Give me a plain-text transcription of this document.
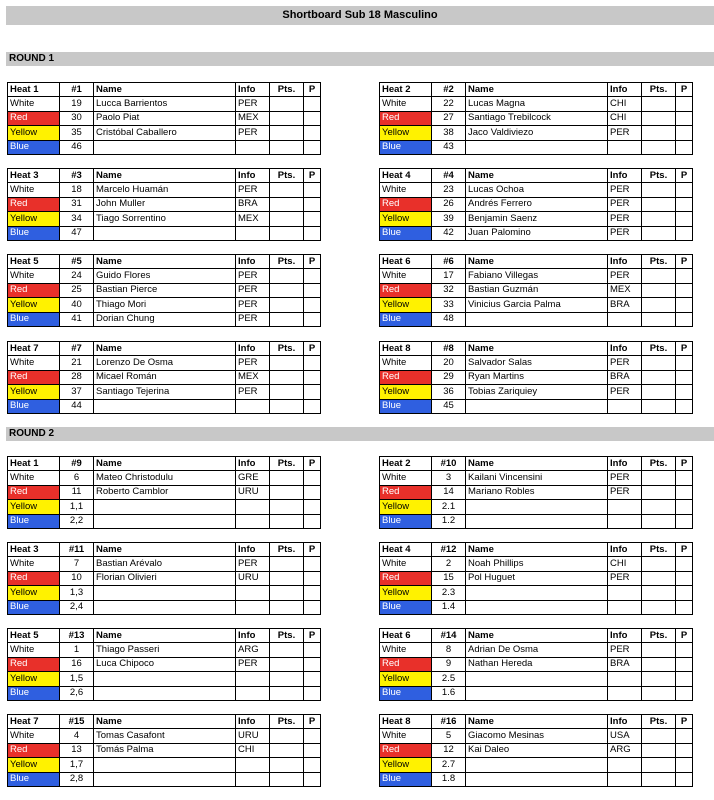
Shortboard Sub 18 Masculino
ROUND 1
Heat 1	#1	Name	Info	Pts.	P
White	19	Lucca Barrientos	PER		
Red	30	Paolo Piat	MEX		
Yellow	35	Cristóbal Caballero	PER		
Blue	46				
Heat 2	#2	Name	Info	Pts.	P
White	22	Lucas Magna	CHI		
Red	27	Santiago Trebilcock	CHI		
Yellow	38	Jaco Valdiviezo	PER		
Blue	43				
Heat 3	#3	Name	Info	Pts.	P
White	18	Marcelo Huamán	PER		
Red	31	John Muller	BRA		
Yellow	34	Tiago Sorrentino	MEX		
Blue	47				
Heat 4	#4	Name	Info	Pts.	P
White	23	Lucas Ochoa	PER		
Red	26	Andrés Ferrero	PER		
Yellow	39	Benjamin Saenz	PER		
Blue	42	Juan Palomino	PER		
Heat 5	#5	Name	Info	Pts.	P
White	24	Guido Flores	PER		
Red	25	Bastian Pierce	PER		
Yellow	40	Thiago Mori	PER		
Blue	41	Dorian Chung	PER		
Heat 6	#6	Name	Info	Pts.	P
White	17	Fabiano Villegas	PER		
Red	32	Bastian Guzmán	MEX		
Yellow	33	Vinicius Garcia Palma	BRA		
Blue	48				
Heat 7	#7	Name	Info	Pts.	P
White	21	Lorenzo De Osma	PER		
Red	28	Micael Román	MEX		
Yellow	37	Santiago Tejerina	PER		
Blue	44				
Heat 8	#8	Name	Info	Pts.	P
White	20	Salvador Salas	PER		
Red	29	Ryan Martins	BRA		
Yellow	36	Tobias Zariquiey	PER		
Blue	45				
ROUND 2
Heat 1	#9	Name	Info	Pts.	P
White	6	Mateo Christodulu	GRE		
Red	11	Roberto Camblor	URU		
Yellow	1,1				
Blue	2,2				
Heat 2	#10	Name	Info	Pts.	P
White	3	Kailani Vincensini	PER		
Red	14	Mariano Robles	PER		
Yellow	2.1				
Blue	1.2				
Heat 3	#11	Name	Info	Pts.	P
White	7	Bastian Arévalo	PER		
Red	10	Florian Olivieri	URU		
Yellow	1,3				
Blue	2,4				
Heat 4	#12	Name	Info	Pts.	P
White	2	Noah Phillips	CHI		
Red	15	Pol Huguet	PER		
Yellow	2.3				
Blue	1.4				
Heat 5	#13	Name	Info	Pts.	P
White	1	Thiago Passeri	ARG		
Red	16	Luca Chipoco	PER		
Yellow	1,5				
Blue	2,6				
Heat 6	#14	Name	Info	Pts.	P
White	8	Adrian De Osma	PER		
Red	9	Nathan Hereda	BRA		
Yellow	2.5				
Blue	1.6				
Heat 7	#15	Name	Info	Pts.	P
White	4	Tomas Casafont	URU		
Red	13	Tomás Palma	CHI		
Yellow	1,7				
Blue	2,8				
Heat 8	#16	Name	Info	Pts.	P
White	5	Giacomo Mesinas	USA		
Red	12	Kai Daleo	ARG		
Yellow	2.7				
Blue	1.8				
